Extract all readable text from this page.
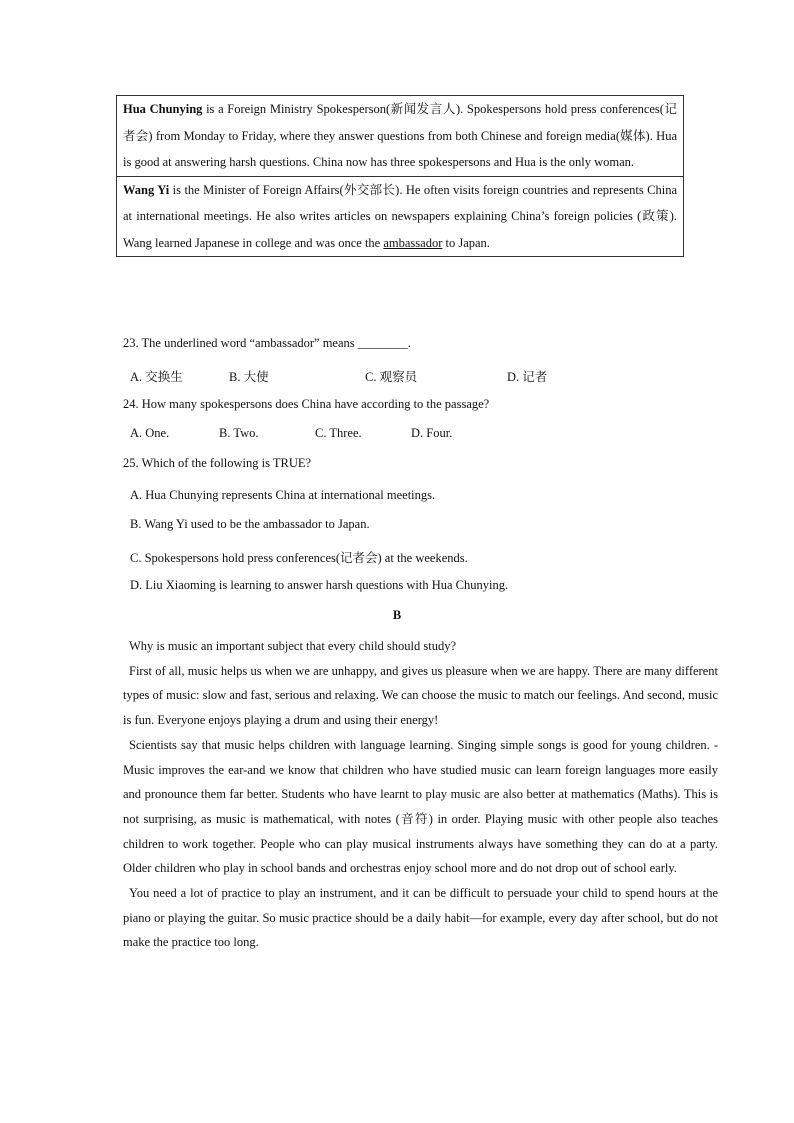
Hua Chunying is a Foreign Ministry Spokesperson(新闻发言人). Spokespersons hold press conferences(记者会) from Monday to Friday, where they answer questions from both Chinese and foreign media(媒体). Hua is good at answering harsh questions. China now has three spokespersons and Hua is the only woman.
Wang Yi is the Minister of Foreign Affairs(外交部长). He often visits foreign countries and represents China at international meetings. He also writes articles on newspapers explaining China’s foreign policies (政策). Wang learned Japanese in college and was once the ambassador to Japan.
23. The underlined word “ambassador” means ________.
A. 交换生	B. 大使	C. 观察员	D. 记者
24. How many spokespersons does China have according to the passage?
A. One.	B. Two.	C. Three.	D. Four.
25. Which of the following is TRUE?
A. Hua Chunying represents China at international meetings.
B. Wang Yi used to be the ambassador to Japan.
C. Spokespersons hold press conferences(记者会) at the weekends.
D. Liu Xiaoming is learning to answer harsh questions with Hua Chunying.
B

Why is music an important subject that every child should study?

First of all, music helps us when we are unhappy, and gives us pleasure when we are happy. There are many different types of music: slow and fast, serious and relaxing. We can choose the music to match our feelings. And second, music is fun. Everyone enjoys playing a drum and using their energy!

Scientists say that music helps children with language learning. Singing simple songs is good for young children. -Music improves the ear-and we know that children who have studied music can learn foreign languages more easily and pronounce them far better. Students who have learnt to play music are also better at mathematics (Maths). This is not surprising, as music is mathematical, with notes (音符) in order. Playing music with other people also teaches children to work together. People who can play musical instruments always have something they can do at a party. Older children who play in school bands and orchestras enjoy school more and do not drop out of school early.

You need a lot of practice to play an instrument, and it can be difficult to persuade your child to spend hours at the piano or playing the guitar. So music practice should be a daily habit—for example, every day after school, but do not make the practice too long.
